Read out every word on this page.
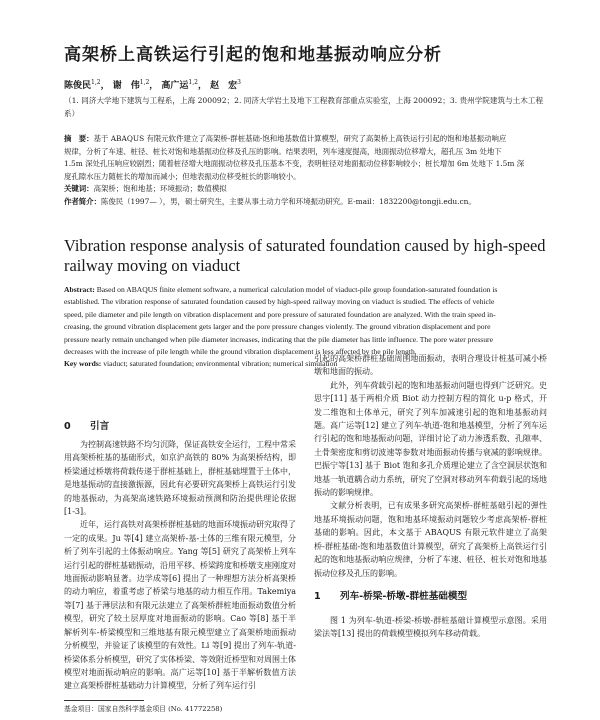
高架桥上高铁运行引起的饱和地基振动响应分析
陈俊民$^{1,2}$， 谢　伟$^{1,2}$， 高广运$^{1,2}$， 赵　宏$^3$
（1. 同济大学地下建筑与工程系，上海 200092；2. 同济大学岩土及地下工程教育部重点实验室，上海 200092；3. 贵州学院建筑与土木工程系）
摘　要：基于 ABAQUS 有限元软件建立了高架桥-群桩基础-饱和地基数值计算模型，研究了高架桥上高铁运行引起的饱和地基振动响应
规律，分析了车速、桩径、桩长对饱和地基振动位移及孔压的影响。结果表明，列车速度提高，地面振动位移增大，超孔压 3m 处地下
1.5m 深处孔压响应较剧烈；随着桩径增大地面振动位移及孔压基本不变，表明桩径对地面振动位移影响较小；桩长增加 6m 处地下 1.5m 深
度孔隙水压力随桩长的增加而减小；但地表振动位移受桩长的影响较小。
关键词：高架桥；饱和地基；环境振动；数值模拟
作者简介：陈俊民（1997— ），男，硕士研究生，主要从事土动力学和环境振动研究。E-mail：1832200@tongji.edu.cn。
Vibration response analysis of saturated foundation caused by high-speed railway moving on viaduct
Abstract: Based on ABAQUS finite element software, a numerical calculation model of viaduct-pile group foundation-saturated foundation is
established. The vibration response of saturated foundation caused by high-speed railway moving on viaduct is studied. The effects of vehicle
speed, pile diameter and pile length on vibration displacement and pore pressure of saturated foundation are analyzed. With the train speed in-
creasing, the ground vibration displacement gets larger and the pore pressure changes violently. The ground vibration displacement and pore
pressure nearly remain unchanged when pile diameter increases, indicating that the pile diameter has little influence. The pore water pressure
decreases with the increase of pile length while the ground vibration displacement is less affected by the pile length.
Key words: viaduct; saturated foundation; environmental vibration; numerical simulation
0 引言

为控制高速铁路不均匀沉降，保证高铁安全运行，工程中常采用高架桥桩基的基础形式，如京沪高铁的 80% 为高架桥结构，即桥梁通过桥墩将荷载传递于群桩基础上，群桩基础埋置于土体中，是地基振动的直接激振源，因此有必要研究高架桥上高铁运行引发的地基振动，为高架高速铁路环境振动预测和防治提供理论依据[1-3]。

近年，运行高铁对高架桥群桩基础的地面环境振动研究取得了一定的成果。Ju 等[4] 建立高架桥-基-土体的三维有限元模型，分析了列车引起的土体振动响应。Yang 等[5] 研究了高架桥上列车运行引起的群桩基础振动，沿用平移、桥梁跨度和桥墩支座刚度对地面振动影响显著。边学成等[6] 提出了一种理想方法分析高架桥的动力响应，着重考虑了桥梁与地基的动力相互作用。Takemiya 等[7] 基于薄层法和有限元法建立了高架桥群桩地面振动数值分析模型，研究了较土层厚度对地面振动的影响。Cao 等[8] 基于半解析列车-桥梁模型和三维地基有限元模型建立了高架桥地面振动分析模型，并验证了该模型的有效性。Li 等[9] 提出了列车-轨道-桥梁体系分析模型，研究了实体桥梁、等效附近桥型和对周围土体模型对地面振动响应的影响。高广运等[10] 基于半解析数值方法建立高架桥群桩基础动力计算模型，分析了列车运行引

引起的高架桥群桩基础周围地面振动，表明合理设计桩基可减小桥墩和地面的振动。

此外，列车荷载引起的饱和地基振动问题也得到广泛研究。史思宇[11] 基于两相介质 Biot 动力控制方程的简化 u-p 格式，开发二维饱和土体单元，研究了列车加减速引起的饱和地基振动问题。高广运等[12] 建立了列车-轨道-饱和地基模型，分析了列车运行引起的饱和地基振动问题，详细讨论了动力渗透系数、孔隙率、土骨架密度和剪切波速等参数对地面振动传播与衰减的影响规律。巴振宁等[13] 基于 Biot 饱和多孔介质理论建立了含空洞层状饱和地基一轨道耦合动力系统，研究了空洞对移动列车荷载引起的场地振动的影响规律。

文献分析表明，已有成果多研究高架桥-群桩基础引起的弹性地基环境振动问题，饱和地基环境振动问题较少考虑高架桥-群桩基础的影响。因此，本文基于 ABAQUS 有限元软件建立了高架桥-群桩基础-饱和地基数值计算模型，研究了高架桥上高铁运行引起的饱和地基振动响应规律，分析了车速、桩径、桩长对饱和地基振动位移及孔压的影响。

1 列车-桥梁-桥墩-群桩基础模型

图 1 为列车-轨道-桥梁-桥墩-群桩基础计算模型示意图。采用梁法等[13] 提出的荷载模型模拟列车移动荷载。

基金项目：国家自然科学基金项目 (No. 41772258)
